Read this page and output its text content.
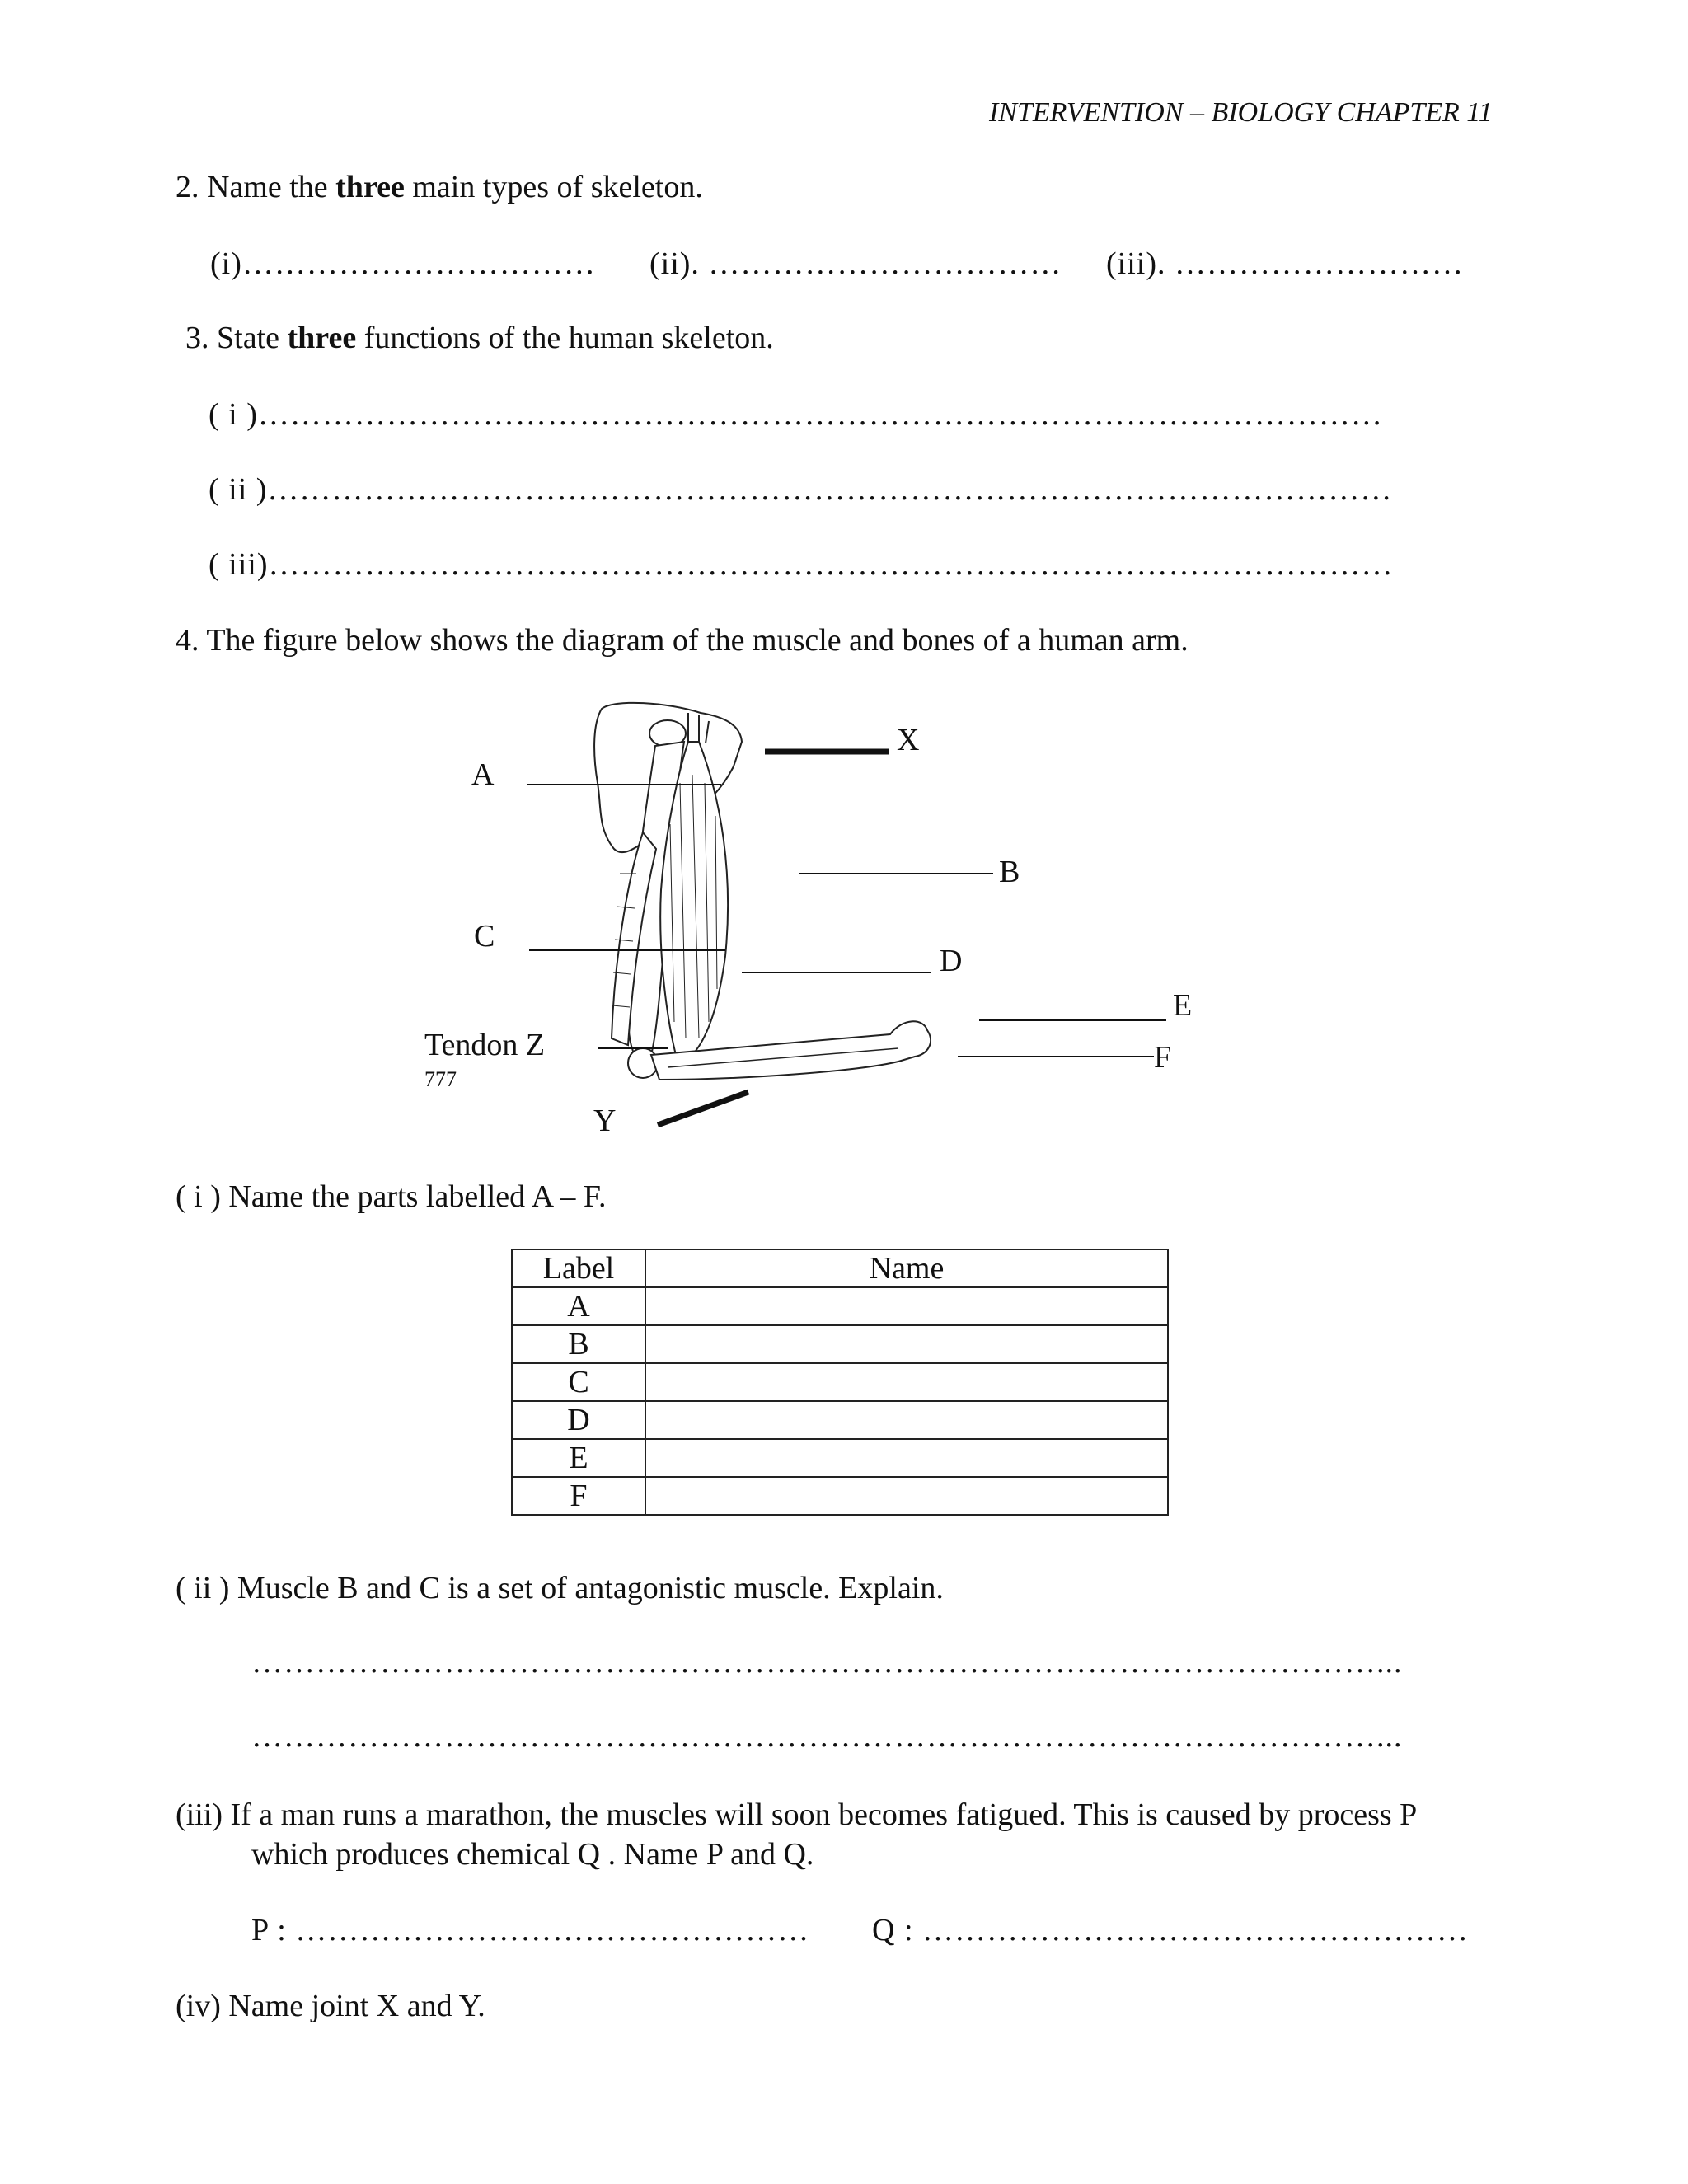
INTERVENTION – BIOLOGY CHAPTER 11
2. Name the three main types of skeleton.
(i)…………………………… (ii). …………………………… (iii). ………………………
3. State three functions of the human skeleton.
( i )……………………………………………………………………………………………
( ii )……………………………………………………………………………………………
( iii)……………………………………………………………………………………………
4. The figure below shows the diagram of the muscle and bones of a human arm.
A
X
B
C
D
E
F
Tendon Z
777
Y
( i ) Name the parts labelled A – F.
Label	Name
A	
B	
C	
D	
E	
F	
( ii ) Muscle B and C is a set of antagonistic muscle. Explain.
……………………………………………………………………………………………...
……………………………………………………………………………………………...
(iii) If a man runs a marathon, the muscles will soon becomes fatigued. This is caused by process P
which produces chemical Q . Name P and Q.
P : ………………………………………… Q : ……………………………………………
(iv) Name joint X and Y.
